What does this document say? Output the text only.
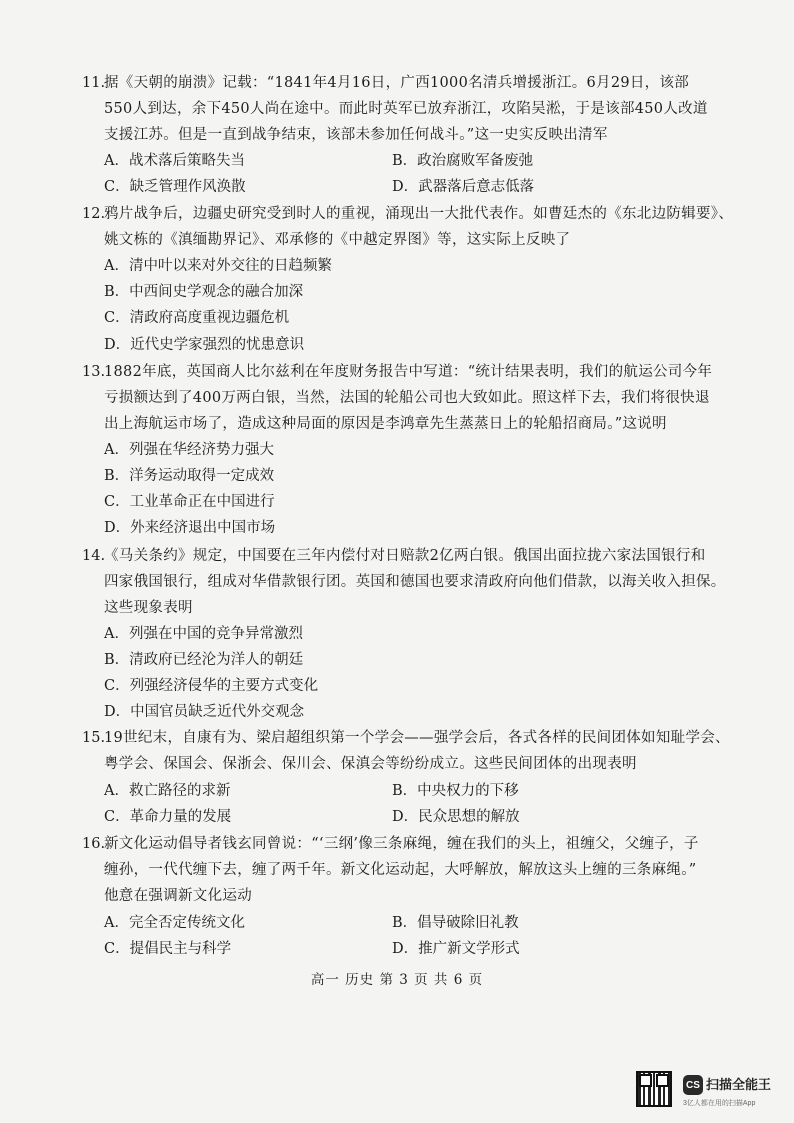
11.
据《天朝的崩溃》记载：“1841年4月16日，广西1000名清兵增援浙江。6月29日，该部
550人到达，余下450人尚在途中。而此时英军已放弃浙江，攻陷吴淞，于是该部450人改道
支援江苏。但是一直到战争结束，该部未参加任何战斗。”这一史实反映出清军
A．战术落后策略失当	B．政治腐败军备废弛
C．缺乏管理作风涣散	D．武器落后意志低落
12.
鸦片战争后，边疆史研究受到时人的重视，涌现出一大批代表作。如曹廷杰的《东北边防辑要》、
姚文栋的《滇缅勘界记》、邓承修的《中越定界图》等，这实际上反映了
A．清中叶以来对外交往的日趋频繁
B．中西间史学观念的融合加深
C．清政府高度重视边疆危机
D．近代史学家强烈的忧患意识
13.
1882年底，英国商人比尔兹利在年度财务报告中写道：“统计结果表明，我们的航运公司今年
亏损额达到了400万两白银，当然，法国的轮船公司也大致如此。照这样下去，我们将很快退
出上海航运市场了，造成这种局面的原因是李鸿章先生蒸蒸日上的轮船招商局。”这说明
A．列强在华经济势力强大
B．洋务运动取得一定成效
C．工业革命正在中国进行
D．外来经济退出中国市场
14.
《马关条约》规定，中国要在三年内偿付对日赔款2亿两白银。俄国出面拉拢六家法国银行和
四家俄国银行，组成对华借款银行团。英国和德国也要求清政府向他们借款，以海关收入担保。
这些现象表明
A．列强在中国的竞争异常激烈
B．清政府已经沦为洋人的朝廷
C．列强经济侵华的主要方式变化
D．中国官员缺乏近代外交观念
15.
19世纪末，自康有为、梁启超组织第一个学会——强学会后，各式各样的民间团体如知耻学会、
粤学会、保国会、保浙会、保川会、保滇会等纷纷成立。这些民间团体的出现表明
A．救亡路径的求新	B．中央权力的下移
C．革命力量的发展	D．民众思想的解放
16.
新文化运动倡导者钱玄同曾说：“‘三纲’像三条麻绳，缠在我们的头上，祖缠父，父缠子，子
缠孙，一代代缠下去，缠了两千年。新文化运动起，大呼解放，解放这头上缠的三条麻绳。”
他意在强调新文化运动
A．完全否定传统文化	B．倡导破除旧礼教
C．提倡民主与科学	D．推广新文学形式
高一 历史 第 3 页 共 6 页
CS 扫描全能王
3亿人都在用的扫描App
